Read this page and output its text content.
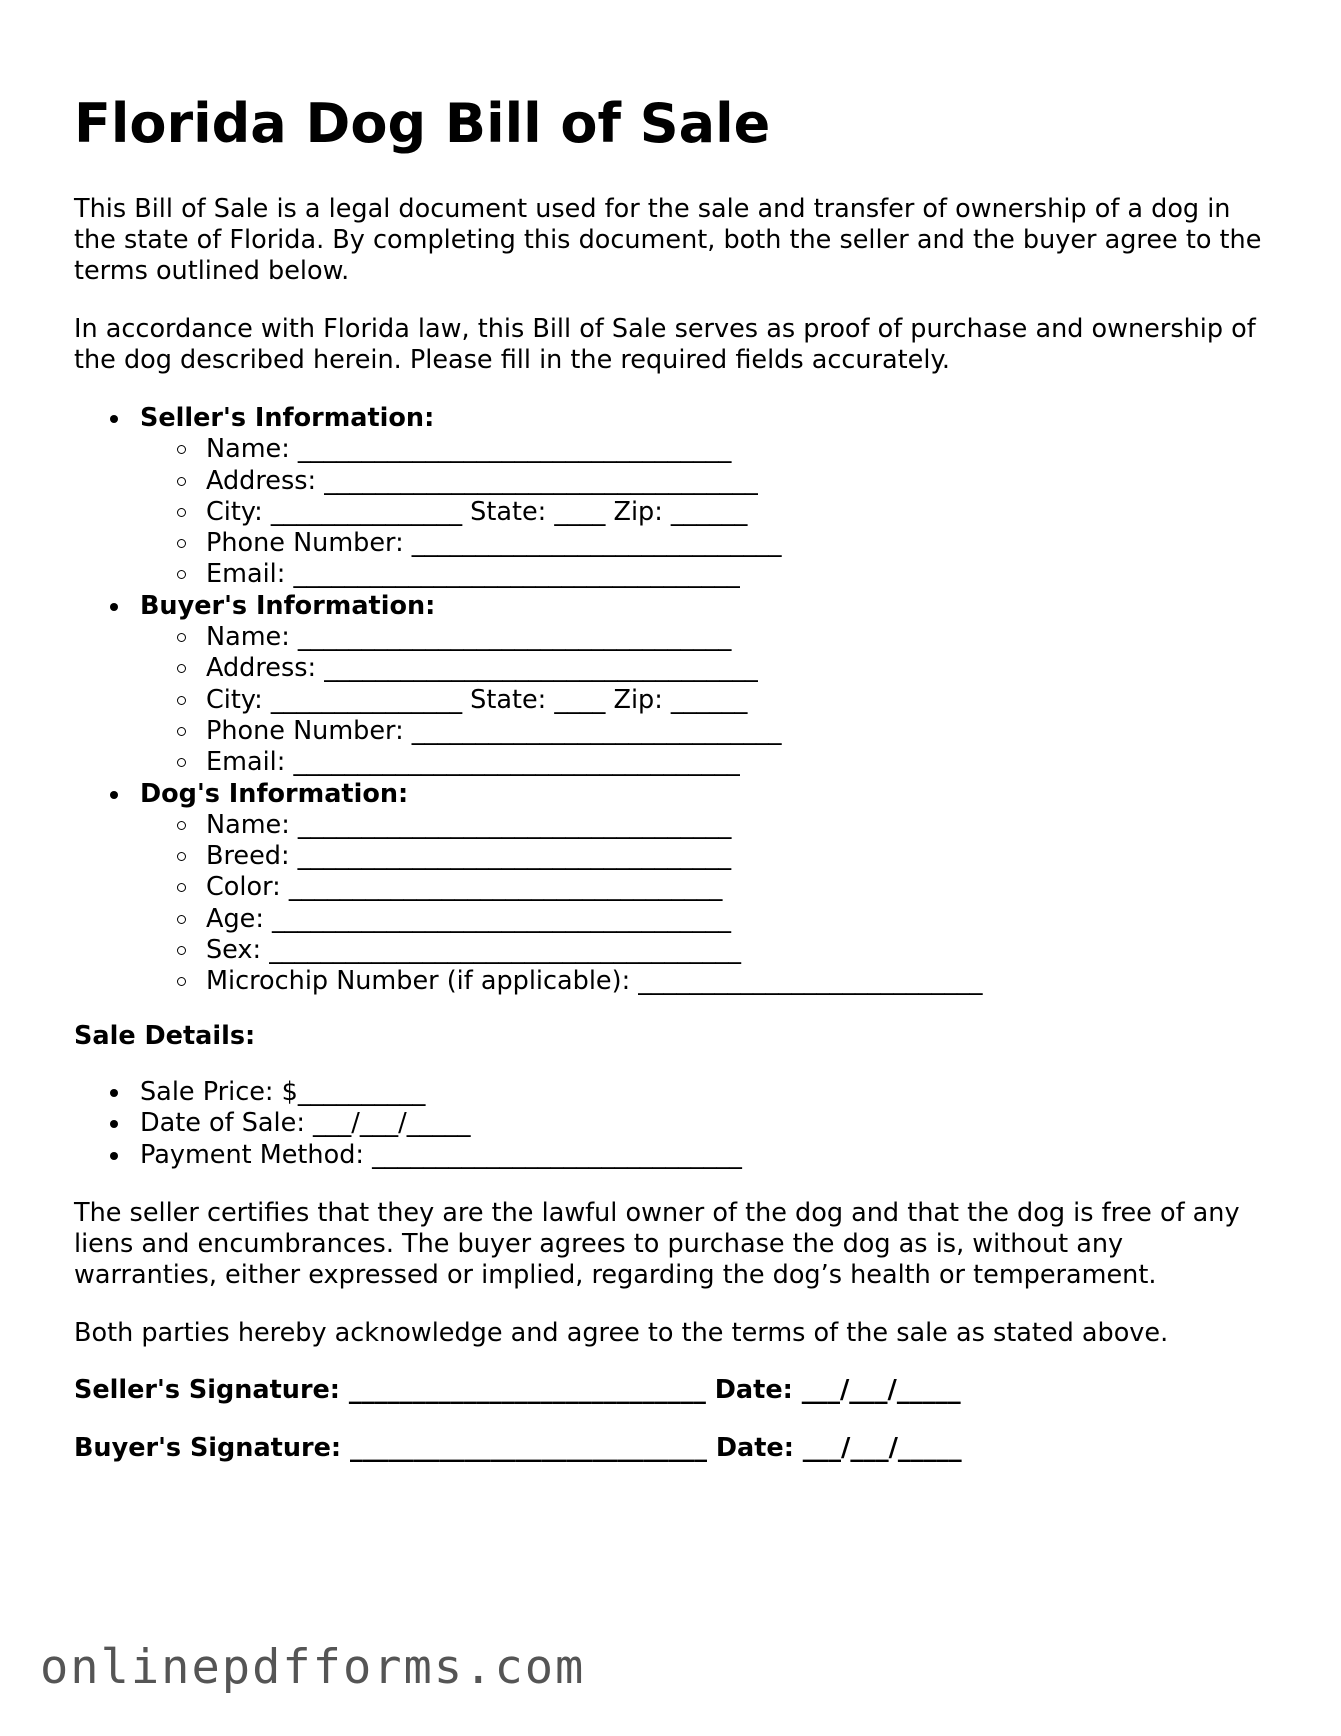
Florida Dog Bill of Sale

This Bill of Sale is a legal document used for the sale and transfer of ownership of a dog in the state of Florida. By completing this document, both the seller and the buyer agree to the terms outlined below.

In accordance with Florida law, this Bill of Sale serves as proof of purchase and ownership of the dog described herein. Please fill in the required fields accurately.

Seller's Information:
Name: __________________________________
Address: __________________________________
City: _______________ State: ____ Zip: ______
Phone Number: _____________________________
Email: ___________________________________
Buyer's Information:
Name: __________________________________
Address: __________________________________
City: _______________ State: ____ Zip: ______
Phone Number: _____________________________
Email: ___________________________________
Dog's Information:
Name: __________________________________
Breed: __________________________________
Color: __________________________________
Age: ____________________________________
Sex: _____________________________________
Microchip Number (if applicable): ___________________________

Sale Details:

Sale Price: $__________
Date of Sale: ___/___/_____
Payment Method: _____________________________

The seller certifies that they are the lawful owner of the dog and that the dog is free of any liens and encumbrances. The buyer agrees to purchase the dog as is, without any warranties, either expressed or implied, regarding the dog’s health or temperament.

Both parties hereby acknowledge and agree to the terms of the sale as stated above.

Seller's Signature: ____________________________ Date: ___/___/_____

Buyer's Signature: ____________________________ Date: ___/___/_____

onlinepdfforms.com
